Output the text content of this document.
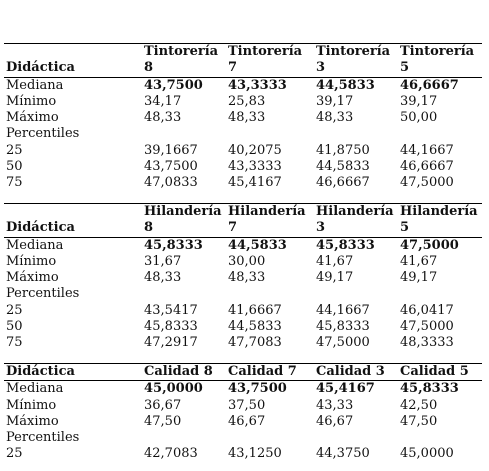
Didáctica	Tintorería 8	Tintorería 7	Tintorería 3	Tintorería 5
Mediana	43,7500	43,3333	44,5833	46,6667
Mínimo	34,17	25,83	39,17	39,17
Máximo	48,33	48,33	48,33	50,00
Percentiles				
25	39,1667	40,2075	41,8750	44,1667
50	43,7500	43,3333	44,5833	46,6667
75	47,0833	45,4167	46,6667	47,5000
Didáctica	Hilandería 8	Hilandería 7	Hilandería 3	Hilandería 5
Mediana	45,8333	44,5833	45,8333	47,5000
Mínimo	31,67	30,00	41,67	41,67
Máximo	48,33	48,33	49,17	49,17
Percentiles				
25	43,5417	41,6667	44,1667	46,0417
50	45,8333	44,5833	45,8333	47,5000
75	47,2917	47,7083	47,5000	48,3333
Didáctica	Calidad 8	Calidad 7	Calidad 3	Calidad 5
Mediana	45,0000	43,7500	45,4167	45,8333
Mínimo	36,67	37,50	43,33	42,50
Máximo	47,50	46,67	46,67	47,50
Percentiles				
25	42,7083	43,1250	44,3750	45,0000
